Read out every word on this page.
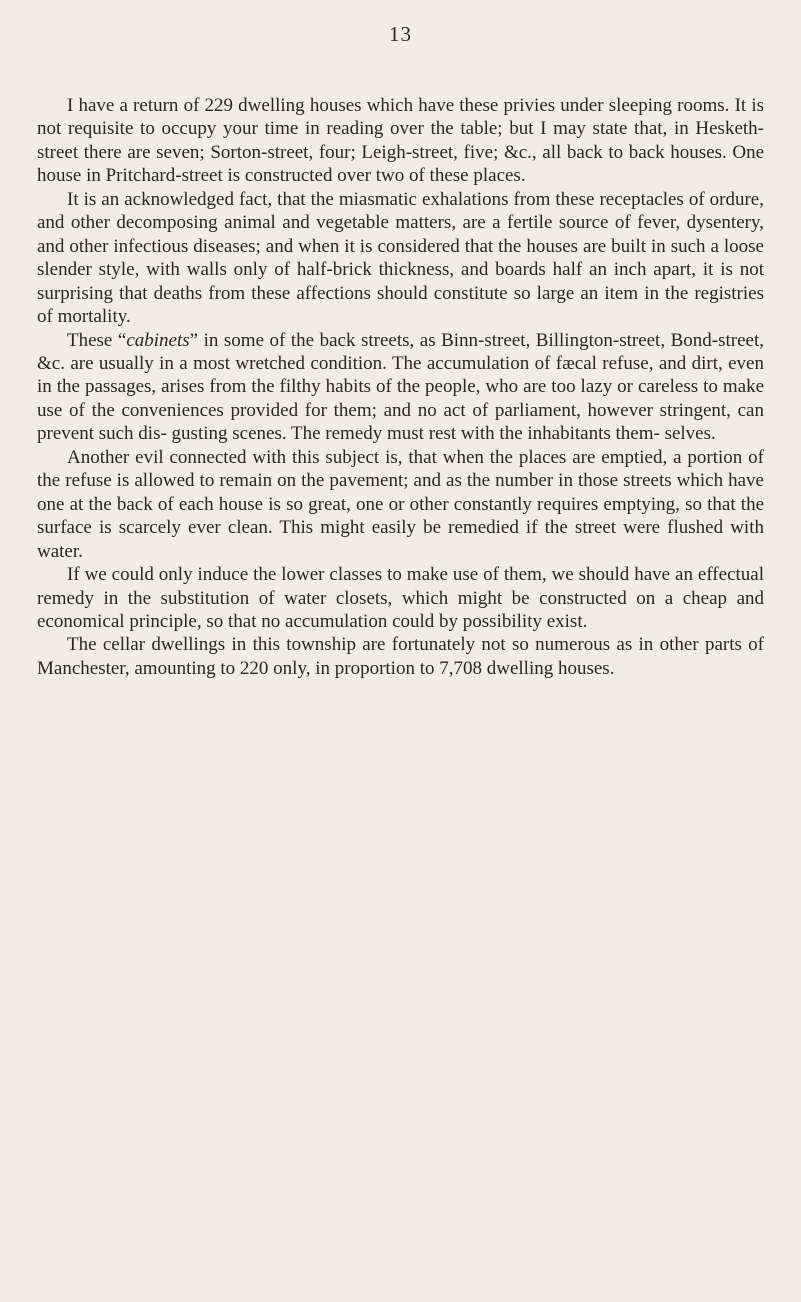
13

I have a return of 229 dwelling houses which have these privies under sleeping rooms. It is not requisite to occupy your time in reading over the table; but I may state that, in Hesketh-street there are seven; Sorton-street, four; Leigh-street, five; &c., all back to back houses. One house in Pritchard-street is constructed over two of these places.

It is an acknowledged fact, that the miasmatic exhalations from these receptacles of ordure, and other decomposing animal and vegetable matters, are a fertile source of fever, dysentery, and other infectious diseases; and when it is considered that the houses are built in such a loose slender style, with walls only of half-brick thickness, and boards half an inch apart, it is not surprising that deaths from these affections should constitute so large an item in the registries of mortality.

These “cabinets” in some of the back streets, as Binn-street, Billington-street, Bond-street, &c. are usually in a most wretched condition. The accumulation of fæcal refuse, and dirt, even in the passages, arises from the filthy habits of the people, who are too lazy or careless to make use of the conveniences provided for them; and no act of parliament, however stringent, can prevent such dis- gusting scenes. The remedy must rest with the inhabitants them- selves.

Another evil connected with this subject is, that when the places are emptied, a portion of the refuse is allowed to remain on the pavement; and as the number in those streets which have one at the back of each house is so great, one or other constantly requires emptying, so that the surface is scarcely ever clean. This might easily be remedied if the street were flushed with water.

If we could only induce the lower classes to make use of them, we should have an effectual remedy in the substitution of water closets, which might be constructed on a cheap and economical principle, so that no accumulation could by possibility exist.

The cellar dwellings in this township are fortunately not so numerous as in other parts of Manchester, amounting to 220 only, in proportion to 7,708 dwelling houses.
